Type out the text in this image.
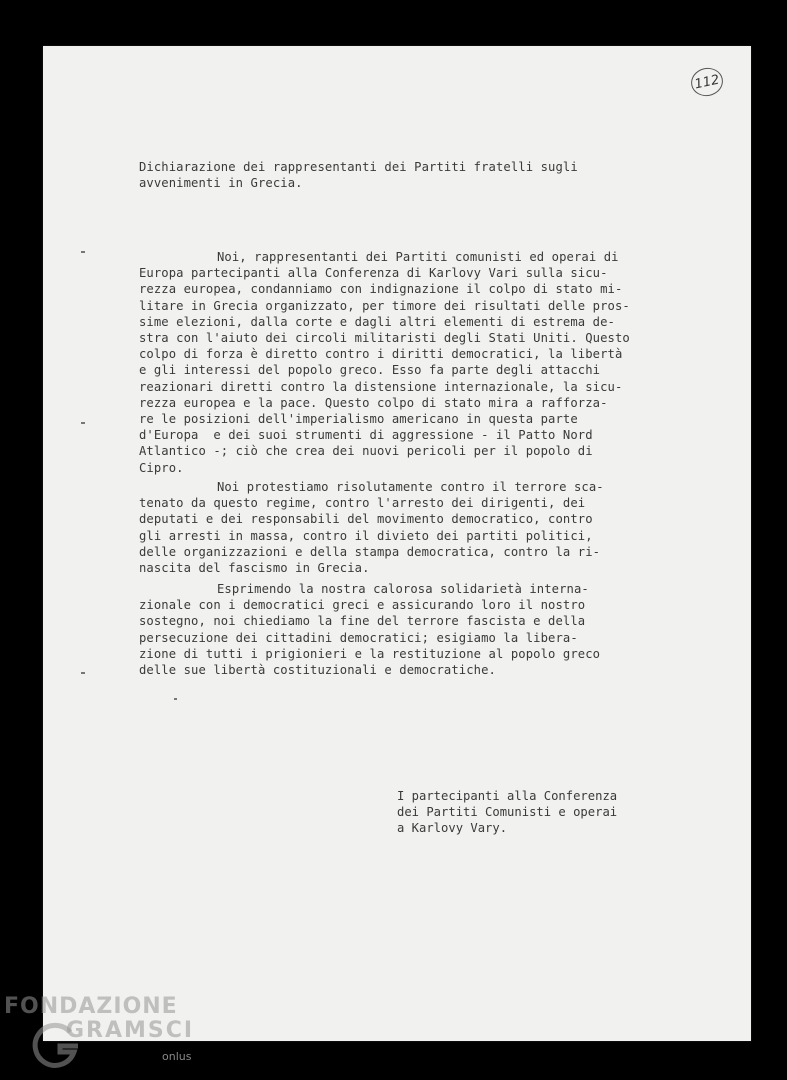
112
Dichiarazione dei rappresentanti dei Partiti fratelli sugli
avvenimenti in Grecia.
Noi, rappresentanti dei Partiti comunisti ed operai di
Europa partecipanti alla Conferenza di Karlovy Vari sulla sicu-
rezza europea, condanniamo con indignazione il colpo di stato mi-
litare in Grecia organizzato, per timore dei risultati delle pros-
sime elezioni, dalla corte e dagli altri elementi di estrema de-
stra con l'aiuto dei circoli militaristi degli Stati Uniti. Questo
colpo di forza è diretto contro i diritti democratici, la libertà
e gli interessi del popolo greco. Esso fa parte degli attacchi
reazionari diretti contro la distensione internazionale, la sicu-
rezza europea e la pace. Questo colpo di stato mira a rafforza-
re le posizioni dell'imperialismo americano in questa parte
d'Europa  e dei suoi strumenti di aggressione - il Patto Nord
Atlantico -; ciò che crea dei nuovi pericoli per il popolo di
Cipro.
Noi protestiamo risolutamente contro il terrore sca-
tenato da questo regime, contro l'arresto dei dirigenti, dei
deputati e dei responsabili del movimento democratico, contro
gli arresti in massa, contro il divieto dei partiti politici,
delle organizzazioni e della stampa democratica, contro la ri-
nascita del fascismo in Grecia.
Esprimendo la nostra calorosa solidarietà interna-
zionale con i democratici greci e assicurando loro il nostro
sostegno, noi chiediamo la fine del terrore fascista e della
persecuzione dei cittadini democratici; esigiamo la libera-
zione di tutti i prigionieri e la restituzione al popolo greco
delle sue libertà costituzionali e democratiche.
I partecipanti alla Conferenza
dei Partiti Comunisti e operai
a Karlovy Vary.
FONDAZIONE
GRAMSCI
onlus
